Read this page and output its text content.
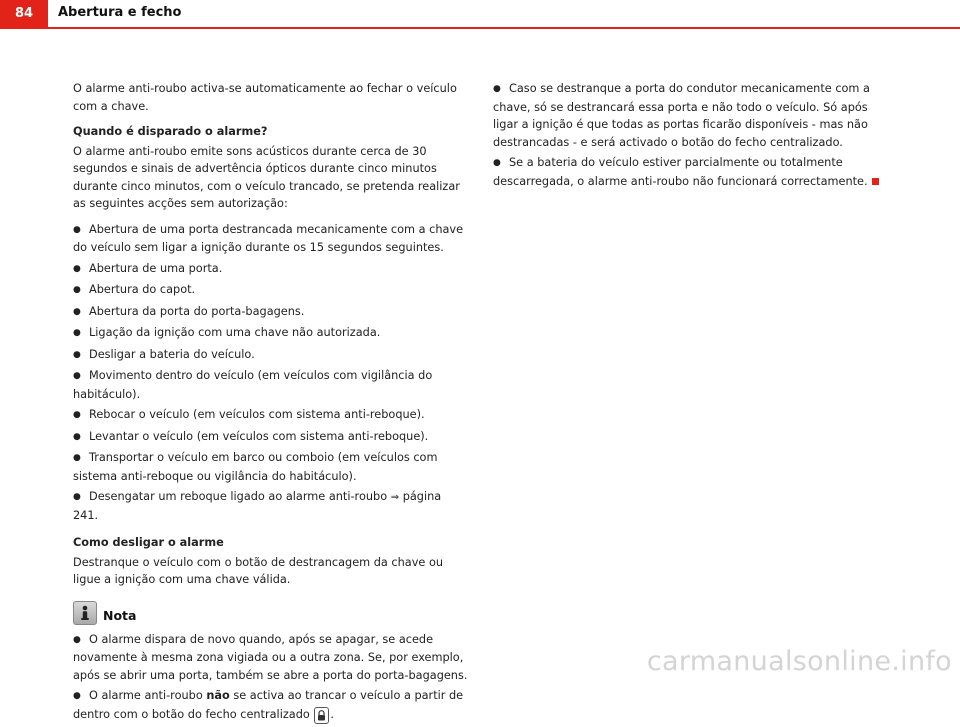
84	Abertura e fecho

O alarme anti-roubo activa-se automaticamente ao fechar o veículo com a chave.

Quando é disparado o alarme?

O alarme anti-roubo emite sons acústicos durante cerca de 30 segundos e sinais de advertência ópticos durante cinco minutos durante cinco minutos, com o veículo trancado, se pretenda realizar as seguintes acções sem autorização:

● Abertura de uma porta destrancada mecanicamente com a chave do veículo sem ligar a ignição durante os 15 segundos seguintes.

● Abertura de uma porta.

● Abertura do capot.

● Abertura da porta do porta-bagagens.

● Ligação da ignição com uma chave não autorizada.

● Desligar a bateria do veículo.

● Movimento dentro do veículo (em veículos com vigilância do habitáculo).

● Rebocar o veículo (em veículos com sistema anti-reboque).

● Levantar o veículo (em veículos com sistema anti-reboque).

● Transportar o veículo em barco ou comboio (em veículos com sistema anti-reboque ou vigilância do habitáculo).

● Desengatar um reboque ligado ao alarme anti-roubo ⇒ página 241.

Como desligar o alarme

Destranque o veículo com o botão de destrancagem da chave ou ligue a ignição com uma chave válida.

Nota

● O alarme dispara de novo quando, após se apagar, se acede novamente à mesma zona vigiada ou a outra zona. Se, por exemplo, após se abrir uma porta, também se abre a porta do porta-bagagens.

● O alarme anti-roubo não se activa ao trancar o veículo a partir de dentro com o botão do fecho centralizado .

● Caso se destranque a porta do condutor mecanicamente com a chave, só se destrancará essa porta e não todo o veículo. Só após ligar a ignição é que todas as portas ficarão disponíveis - mas não destrancadas - e será activado o botão do fecho centralizado.

● Se a bateria do veículo estiver parcialmente ou totalmente descarregada, o alarme anti-roubo não funcionará correctamente.

carmanualsonline.info
